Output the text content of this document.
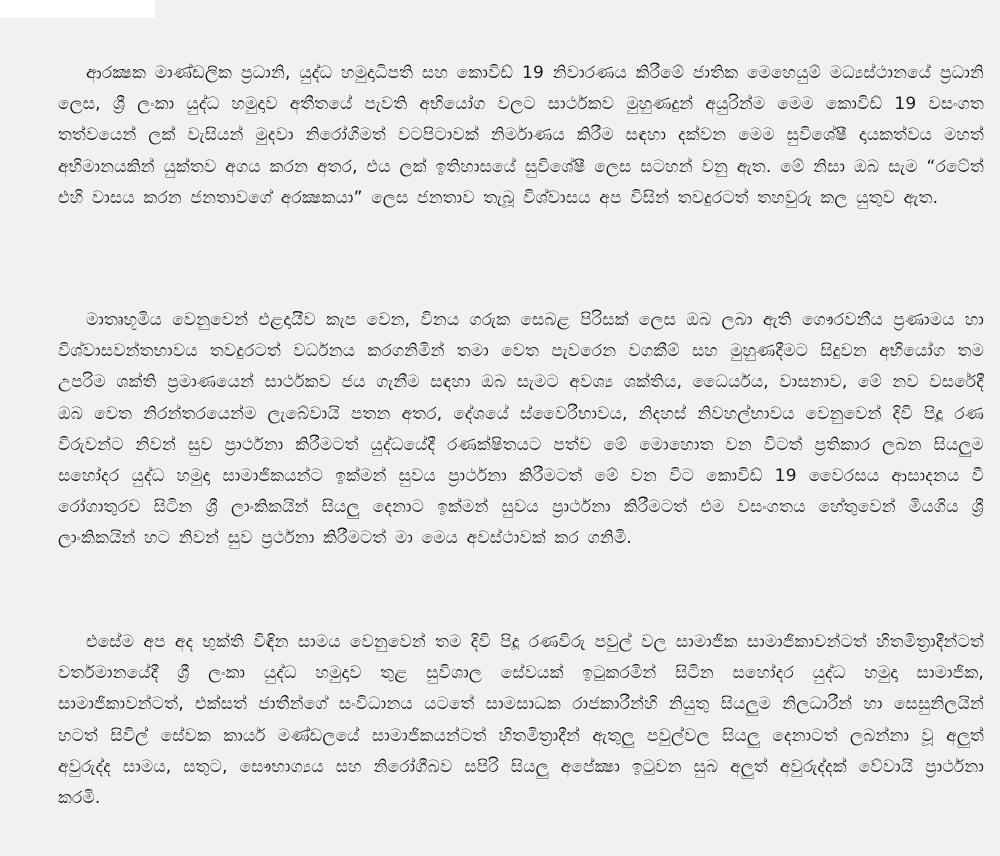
ආරක්‍ෂක මාණ්ඩලික ප්‍රධානි, යුද්ධ හමුදාධිපති සහ කොවිඩ් 19 නිවාරණය කිරීමේ ජාතික මෙහෙයුම් මධ්‍යස්ථානයේ ප්‍රධානි ලෙස, ශ්‍රී ලංකා යුද්ධ හමුදාව අතීතයේ පැවති අභියෝග වලට සාර්ථකව මුහුණදුන් අයුරින්ම මෙම කොවිඩ් 19 වසංගත තත්වයෙන් ලක් වැසියන් මුදවා නිරෝගිමත් වටපිටාවක් නිර්මාණය කිරීම සඳහා දක්වන මෙම සුවිශේෂී දායකත්වය මහත් අභිමානයකින් යුක්තව අගය කරන අතර, එය ලක් ඉතිහාසයේ සුවිශේෂී ලෙස සටහන් වනු ඇත. මේ නිසා ඔබ සැම “රටේත් එහි වාසය කරන ජනතාවගේ අරක්‍ෂකයා” ලෙස ජනතාව තැබූ විශ්වාසය අප විසින් තවදුරටත් තහවුරු කල යුතුව ඇත.

මාතෘභූමිය වෙනුවෙන් එළදායීව කැප වෙන, විනය ගරුක සෙබළ පිරිසක් ලෙස ඔබ ලබා ඇති ගෞරවනීය ප්‍රණාමය හා විශ්වාසවන්තභාවය තවදුරටත් වර්ධනය කරගනිමින් තමා වෙත පැවරෙන වගකීම් සහ මුහුණදීමට සිදුවන අභියෝග තම උපරිම ශක්ති ප්‍රමාණයෙන් සාර්ථකව ජය ගැනීම සඳහා ඔබ සැමට අවශ්‍ය ශක්තිය, ධෛර්යය, වාසනාව, මේ නව වසරේදී ඔබ වෙත නිරන්තරයෙන්ම ලැබේවායි පතන අතර, දේශයේ ස්වෛරීභාවය, නිදහස් නිවහල්භාවය වෙනුවෙන් දිවි පිදූ රණ විරුවන්ට නිවන් සුව ප්‍රාර්ථනා කිරීමටත් යුද්ධයේදී රණක්ෂිතයට පත්ව මේ මොහොත වන විටත් ප්‍රතිකාර ලබන සියලුම සහෝදර යුද්ධ හමුදා සාමාජිකයන්ට ඉක්මන් සුවය ප්‍රාර්ථනා කිරීමටත් මේ වන විට කොවිඩ් 19 වෛරසය ආසාදනය වී රෝගාතුරව සිටින ශ්‍රී ලාංකිකයින් සියලු දෙනාට ඉක්මන් සුවය ප්‍රාර්ථනා කිරීමටත් එම වසංගතය හේතුවෙන් මියගිය ශ්‍රී ලාංකිකයින් හට නිවන් සුව ප්‍රර්ථනා කිරීමටත් මා මෙය අවස්ථාවක් කර ගනිමි.

එසේම අප අද භුක්ති විඳින සාමය වෙනුවෙන් තම දිවි පිදූ රණවිරු පවුල් වල සාමාජික සාමාජිකාවන්ටත් හිතමිත්‍රාදීන්ටත් වර්තමානයේදී ශ්‍රී ලංකා යුද්ධ හමුදාව තුළ සුවිශාල සේවයක් ඉටුකරමින් සිටින සහෝදර යුද්ධ හමුදා සාමාජික, සාමාජිකාවන්ටත්, එක්සත් ජාතීන්ගේ සංවිධානය යටතේ සාමසාධක රාජකාරීන්හි නියුතු සියලුම නිලධාරීන් හා සෙසුනිලයින් හටත් සිවිල් සේවක කාර්ය මණ්ඩලයේ සාමාජිකයන්ටත් හිතමිත්‍රාදීන් ඇතුලු පවුල්වල සියලු දෙනාටත් ලබන්නා වූ අලුත් අවුරුද්ද සාමය, සතුට, සෞභාග්‍යය සහ නිරෝගීබව සපිරි සියලු අපේක්‍ෂා ඉටුවන සුබ අලුත් අවුරුද්දක් වේවායි ප්‍රාර්ථනා කරමි.
